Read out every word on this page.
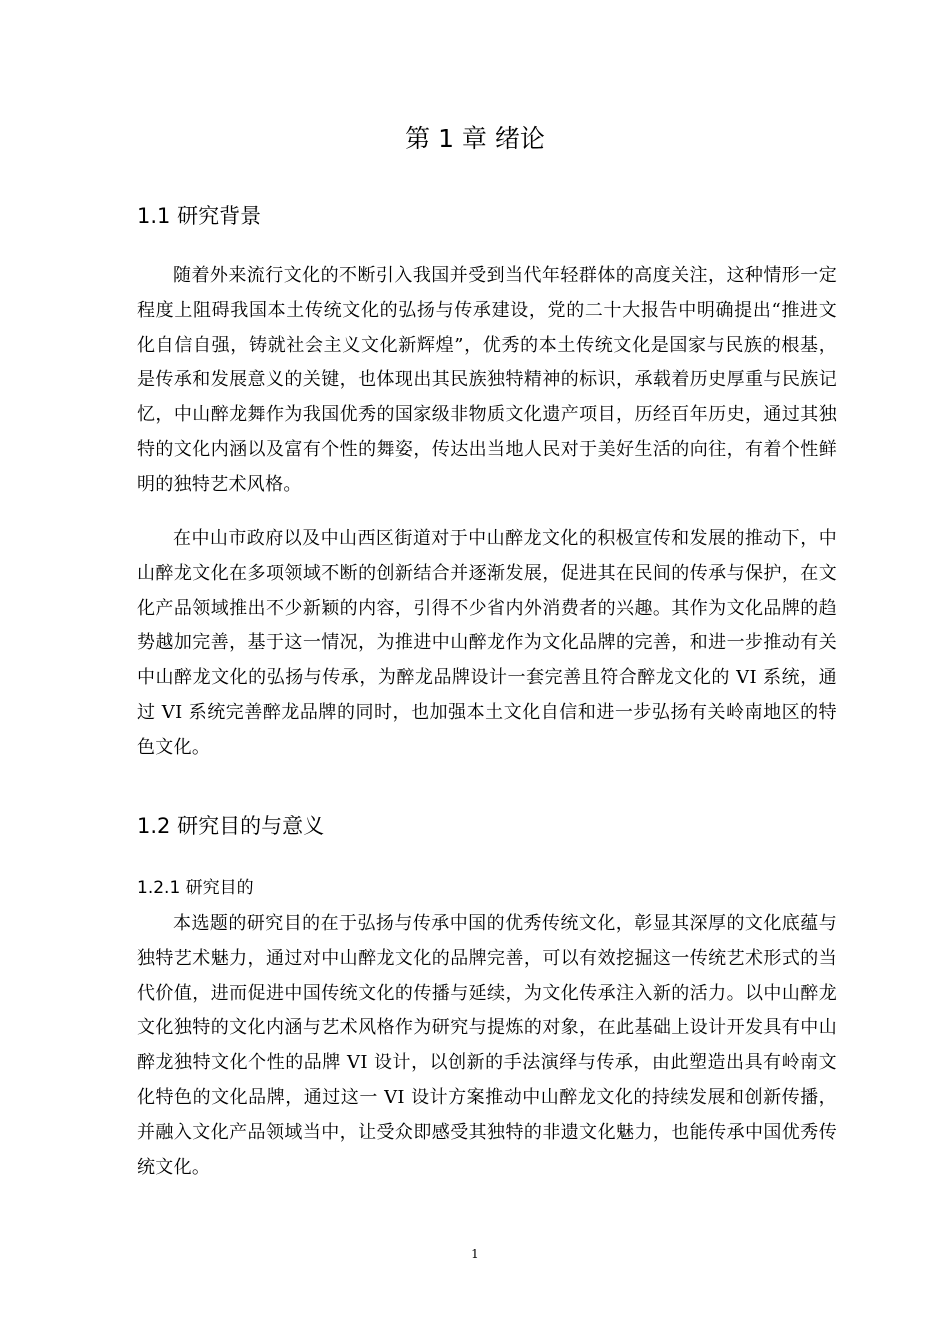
第 1 章 绪论
1.1 研究背景
随着外来流行文化的不断引入我国并受到当代年轻群体的高度关注，这种情形一定程度上阻碍我国本土传统文化的弘扬与传承建设，党的二十大报告中明确提出“推进文化自信自强，铸就社会主义文化新辉煌”，优秀的本土传统文化是国家与民族的根基，是传承和发展意义的关键，也体现出其民族独特精神的标识，承载着历史厚重与民族记忆，中山醉龙舞作为我国优秀的国家级非物质文化遗产项目，历经百年历史，通过其独特的文化内涵以及富有个性的舞姿，传达出当地人民对于美好生活的向往，有着个性鲜明的独特艺术风格。
在中山市政府以及中山西区街道对于中山醉龙文化的积极宣传和发展的推动下，中山醉龙文化在多项领域不断的创新结合并逐渐发展，促进其在民间的传承与保护，在文化产品领域推出不少新颖的内容，引得不少省内外消费者的兴趣。其作为文化品牌的趋势越加完善，基于这一情况，为推进中山醉龙作为文化品牌的完善，和进一步推动有关中山醉龙文化的弘扬与传承，为醉龙品牌设计一套完善且符合醉龙文化的 VI 系统，通过 VI 系统完善醉龙品牌的同时，也加强本土文化自信和进一步弘扬有关岭南地区的特色文化。
1.2 研究目的与意义
1.2.1 研究目的
本选题的研究目的在于弘扬与传承中国的优秀传统文化，彰显其深厚的文化底蕴与独特艺术魅力，通过对中山醉龙文化的品牌完善，可以有效挖掘这一传统艺术形式的当代价值，进而促进中国传统文化的传播与延续，为文化传承注入新的活力。以中山醉龙文化独特的文化内涵与艺术风格作为研究与提炼的对象，在此基础上设计开发具有中山醉龙独特文化个性的品牌 VI 设计，以创新的手法演绎与传承，由此塑造出具有岭南文化特色的文化品牌，通过这一 VI 设计方案推动中山醉龙文化的持续发展和创新传播，并融入文化产品领域当中，让受众即感受其独特的非遗文化魅力，也能传承中国优秀传统文化。
1
